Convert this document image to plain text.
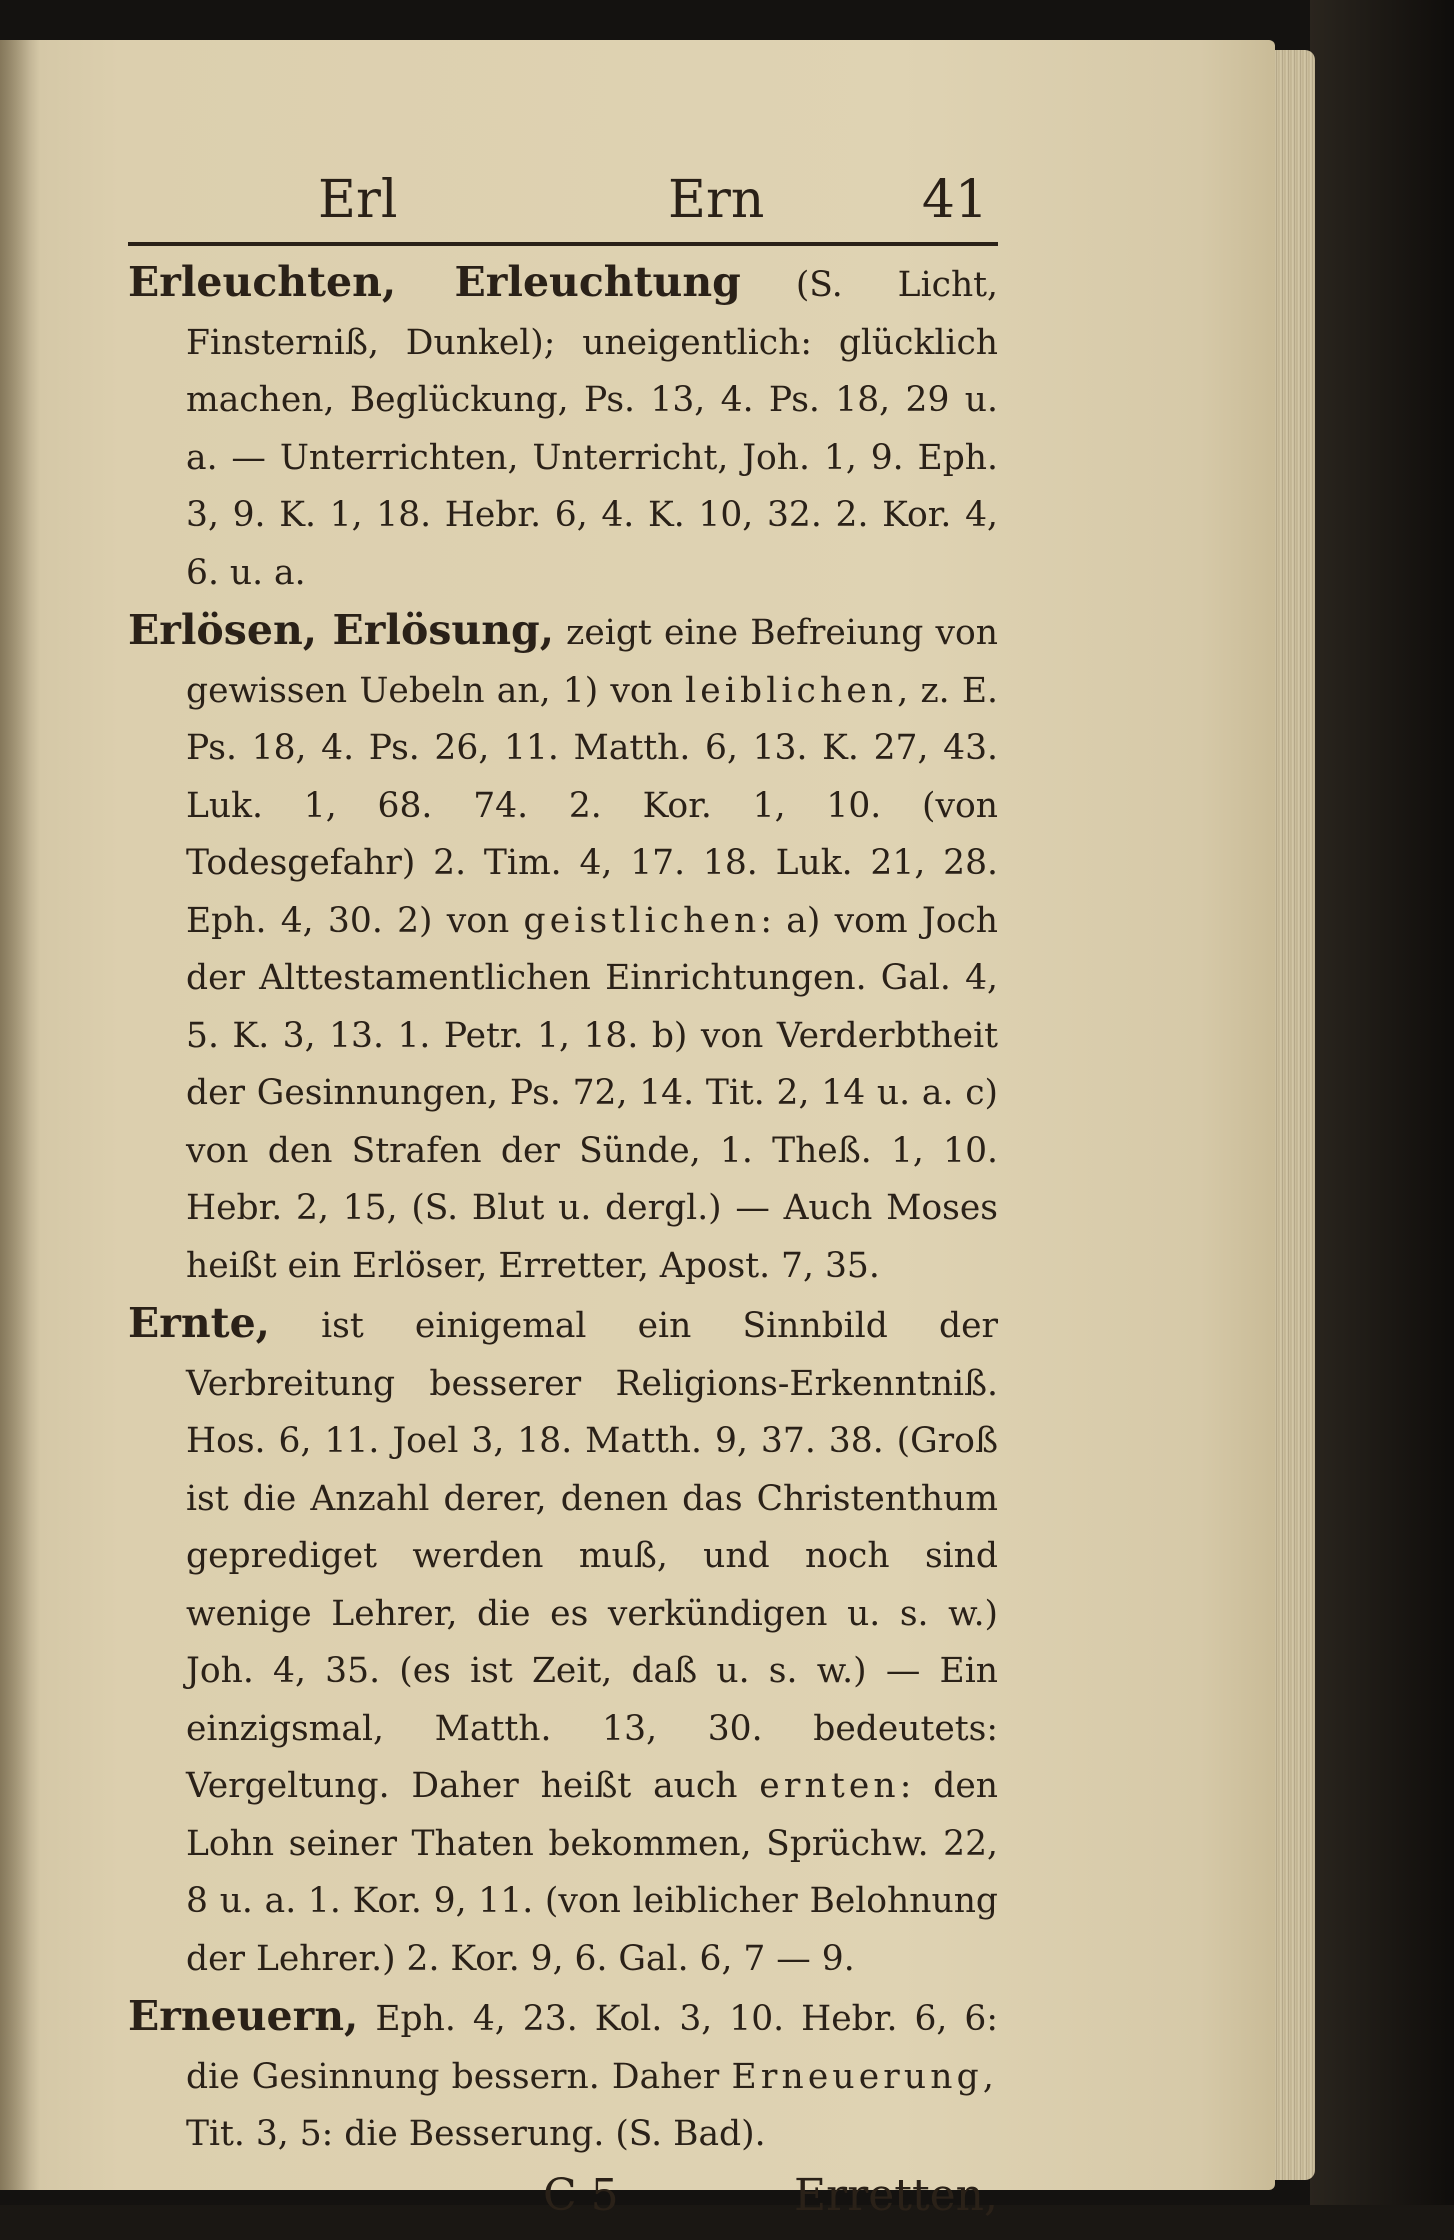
Erl	Ern	41

Erleuchten, Erleuchtung (S. Licht, Finsterniß, Dunkel); uneigentlich: glücklich machen, Beglückung, Ps. 13, 4. Ps. 18, 29 u. a. — Unterrichten, Unterricht, Joh. 1, 9. Eph. 3, 9. K. 1, 18. Hebr. 6, 4. K. 10, 32. 2. Kor. 4, 6. u. a.

Erlösen, Erlösung, zeigt eine Befreiung von gewissen Uebeln an, 1) von leiblichen, z. E. Ps. 18, 4. Ps. 26, 11. Matth. 6, 13. K. 27, 43. Luk. 1, 68. 74. 2. Kor. 1, 10. (von Todesgefahr) 2. Tim. 4, 17. 18. Luk. 21, 28. Eph. 4, 30. 2) von geistlichen: a) vom Joch der Alttestamentlichen Einrichtungen. Gal. 4, 5. K. 3, 13. 1. Petr. 1, 18. b) von Verderbtheit der Gesinnungen, Ps. 72, 14. Tit. 2, 14 u. a. c) von den Strafen der Sünde, 1. Theß. 1, 10. Hebr. 2, 15, (S. Blut u. dergl.) — Auch Moses heißt ein Erlöser, Erretter, Apost. 7, 35.

Ernte, ist einigemal ein Sinnbild der Verbreitung besserer Religions-Erkenntniß. Hos. 6, 11. Joel 3, 18. Matth. 9, 37. 38. (Groß ist die Anzahl derer, denen das Christenthum geprediget werden muß, und noch sind wenige Lehrer, die es verkündigen u. s. w.) Joh. 4, 35. (es ist Zeit, daß u. s. w.) — Ein einzigsmal, Matth. 13, 30. bedeutets: Vergeltung. Daher heißt auch ernten: den Lohn seiner Thaten bekommen, Sprüchw. 22, 8 u. a. 1. Kor. 9, 11. (von leiblicher Belohnung der Lehrer.) 2. Kor. 9, 6. Gal. 6, 7 — 9.

Erneuern, Eph. 4, 23. Kol. 3, 10. Hebr. 6, 6: die Gesinnung bessern. Daher Erneuerung, Tit. 3, 5: die Besserung. (S. Bad).

C 5	Erretten,
